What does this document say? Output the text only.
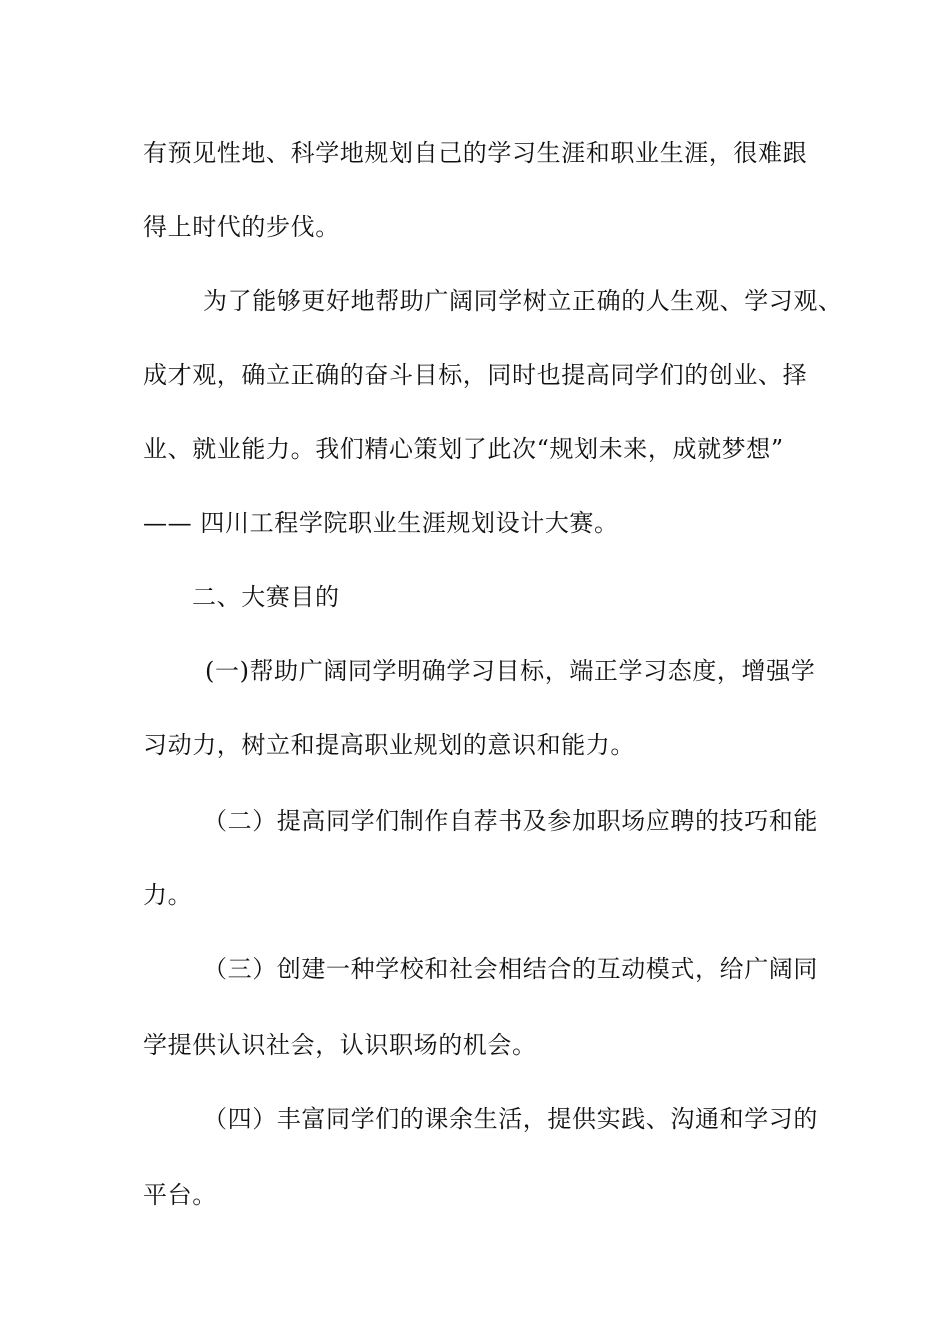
有预见性地、科学地规划自己的学习生涯和职业生涯，很难跟
得上时代的步伐。
为了能够更好地帮助广阔同学树立正确的人生观、学习观、
成才观，确立正确的奋斗目标，同时也提高同学们的创业、择
业、就业能力。我们精心策划了此次“规划未来，成就梦想”
—— 四川工程学院职业生涯规划设计大赛。
二、大赛目的
(一)帮助广阔同学明确学习目标，端正学习态度，增强学
习动力，树立和提高职业规划的意识和能力。
（二）提高同学们制作自荐书及参加职场应聘的技巧和能
力。
（三）创建一种学校和社会相结合的互动模式，给广阔同
学提供认识社会，认识职场的机会。
（四）丰富同学们的课余生活，提供实践、沟通和学习的
平台。
